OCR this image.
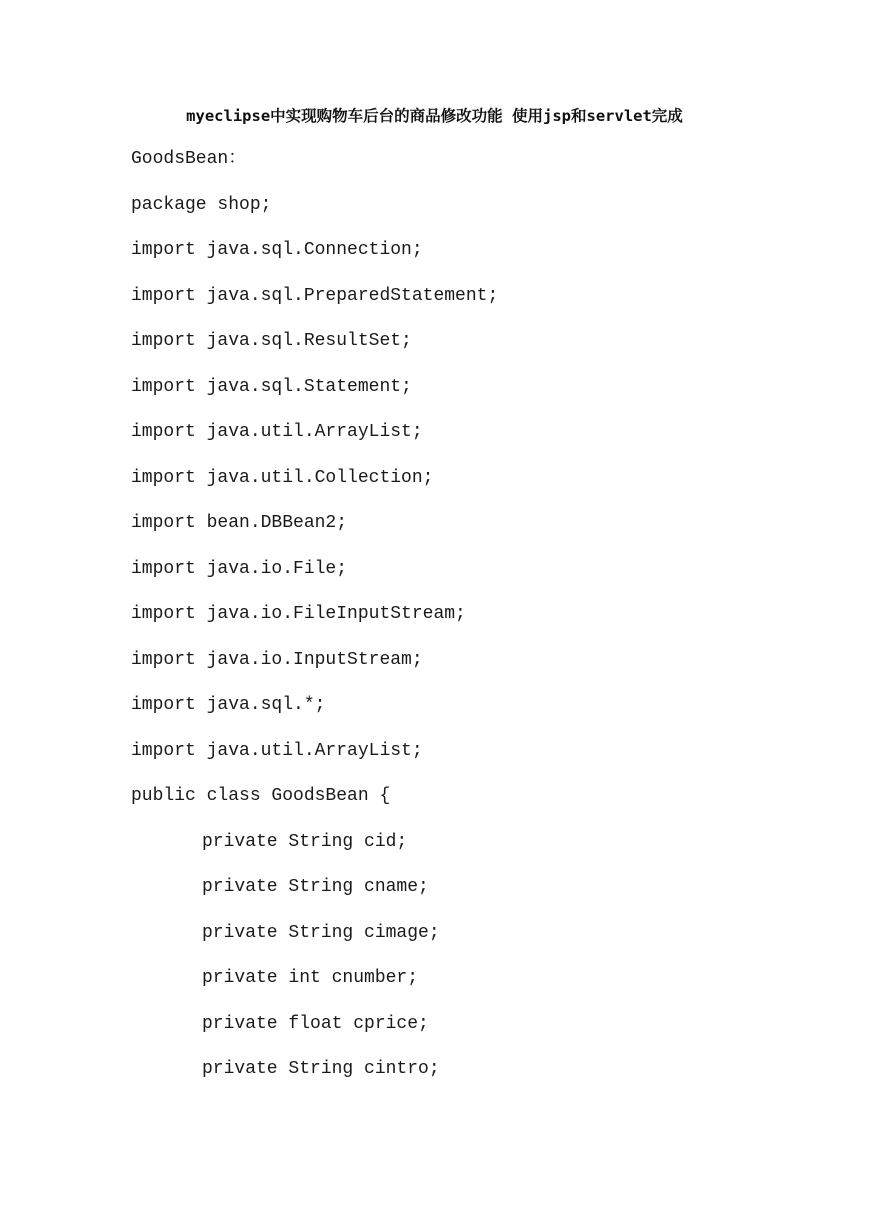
myeclipse中实现购物车后台的商品修改功能 使用jsp和servlet完成
GoodsBean：
package shop;
import java.sql.Connection;
import java.sql.PreparedStatement;
import java.sql.ResultSet;
import java.sql.Statement;
import java.util.ArrayList;
import java.util.Collection;
import bean.DBBean2;
import java.io.File;
import java.io.FileInputStream;
import java.io.InputStream;
import java.sql.*;
import java.util.ArrayList;
public class GoodsBean {
private String cid;
private String cname;
private String cimage;
private int cnumber;
private float cprice;
private String cintro;
